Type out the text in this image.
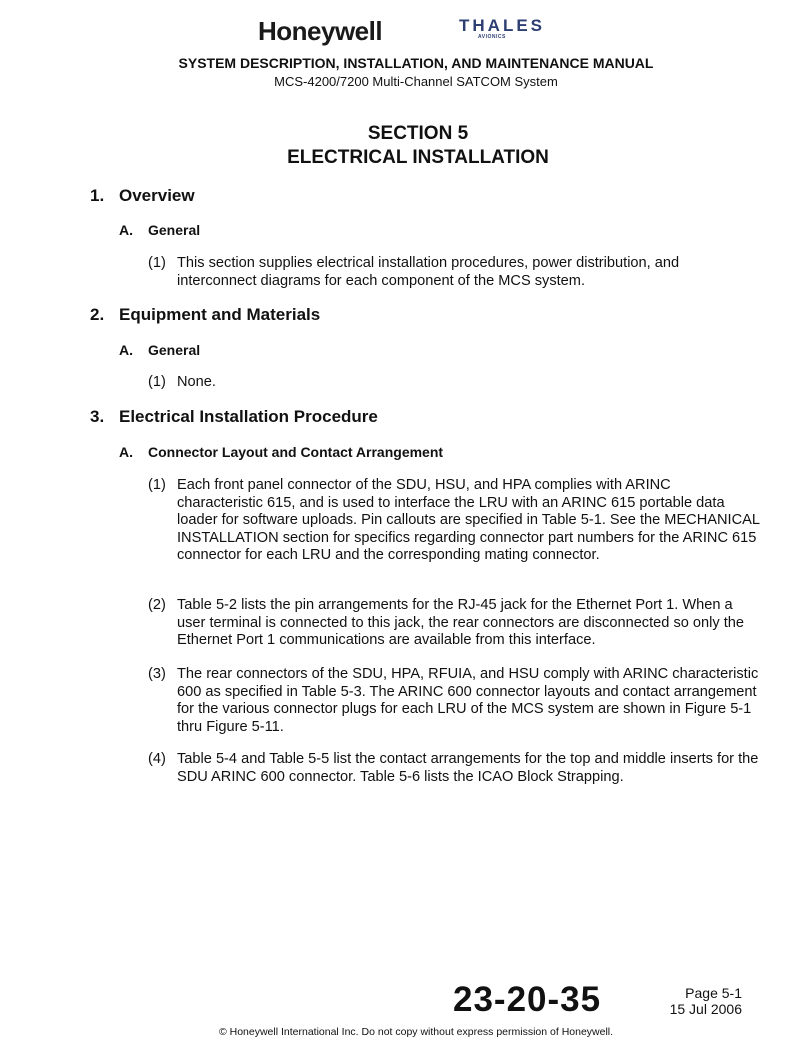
Honeywell	THALES
AVIONICS
SYSTEM DESCRIPTION, INSTALLATION, AND MAINTENANCE MANUAL
MCS-4200/7200 Multi-Channel SATCOM System
SECTION 5
ELECTRICAL INSTALLATION
1. Overview
A. General
(1) This section supplies electrical installation procedures, power distribution, and interconnect diagrams for each component of the MCS system.
2. Equipment and Materials
A. General
(1) None.
3. Electrical Installation Procedure
A. Connector Layout and Contact Arrangement
(1) Each front panel connector of the SDU, HSU, and HPA complies with ARINC characteristic 615, and is used to interface the LRU with an ARINC 615 portable data loader for software uploads. Pin callouts are specified in Table 5-1. See the MECHANICAL INSTALLATION section for specifics regarding connector part numbers for the ARINC 615 connector for each LRU and the corresponding mating connector.
(2) Table 5-2 lists the pin arrangements for the RJ-45 jack for the Ethernet Port 1. When a user terminal is connected to this jack, the rear connectors are disconnected so only the Ethernet Port 1 communications are available from this interface.
(3) The rear connectors of the SDU, HPA, RFUIA, and HSU comply with ARINC characteristic 600 as specified in Table 5-3. The ARINC 600 connector layouts and contact arrangement for the various connector plugs for each LRU of the MCS system are shown in Figure 5-1 thru Figure 5-11.
(4) Table 5-4 and Table 5-5 list the contact arrangements for the top and middle inserts for the SDU ARINC 600 connector. Table 5-6 lists the ICAO Block Strapping.
23-20-35	Page 5-1
15 Jul 2006
© Honeywell International Inc. Do not copy without express permission of Honeywell.
